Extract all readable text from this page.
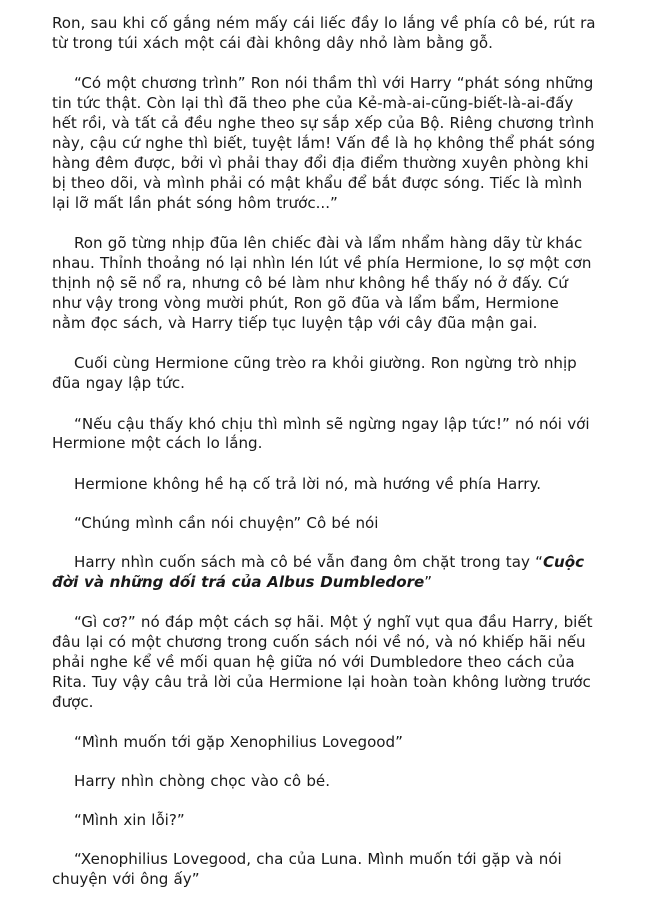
Ron, sau khi cố gắng ném mấy cái liếc đầy lo lắng về phía cô bé, rút ra từ trong túi xách một cái đài không dây nhỏ làm bằng gỗ.

“Có một chương trình” Ron nói thầm thì với Harry “phát sóng những tin tức thật. Còn lại thì đã theo phe của Kẻ-mà-ai-cũng-biết-là-ai-đấy hết rồi, và tất cả đều nghe theo sự sắp xếp của Bộ. Riêng chương trình này, cậu cứ nghe thì biết, tuyệt lắm! Vấn đề là họ không thể phát sóng hàng đêm được, bởi vì phải thay đổi địa điểm thường xuyên phòng khi bị theo dõi, và mình phải có mật khẩu để bắt được sóng. Tiếc là mình lại lỡ mất lần phát sóng hôm trước...”

Ron gõ từng nhịp đũa lên chiếc đài và lẩm nhẩm hàng dãy từ khác nhau. Thỉnh thoảng nó lại nhìn lén lút về phía Hermione, lo sợ một cơn thịnh nộ sẽ nổ ra, nhưng cô bé làm như không hề thấy nó ở đấy. Cứ như vậy trong vòng mười phút, Ron gõ đũa và lẩm bẩm, Hermione nằm đọc sách, và Harry tiếp tục luyện tập với cây đũa mận gai.

Cuối cùng Hermione cũng trèo ra khỏi giường. Ron ngừng trò nhịp đũa ngay lập tức.

“Nếu cậu thấy khó chịu thì mình sẽ ngừng ngay lập tức!” nó nói với Hermione một cách lo lắng.

Hermione không hề hạ cố trả lời nó, mà hướng về phía Harry.

“Chúng mình cần nói chuyện” Cô bé nói

Harry nhìn cuốn sách mà cô bé vẫn đang ôm chặt trong tay “Cuộc đời và những dối trá của Albus Dumbledore”

“Gì cơ?” nó đáp một cách sợ hãi. Một ý nghĩ vụt qua đầu Harry, biết đâu lại có một chương trong cuốn sách nói về nó, và nó khiếp hãi nếu phải nghe kể về mối quan hệ giữa nó với Dumbledore theo cách của Rita. Tuy vậy câu trả lời của Hermione lại hoàn toàn không lường trước được.

“Mình muốn tới gặp Xenophilius Lovegood”

Harry nhìn chòng chọc vào cô bé.

“Mình xin lỗi?”

“Xenophilius Lovegood, cha của Luna. Mình muốn tới gặp và nói chuyện với ông ấy”
